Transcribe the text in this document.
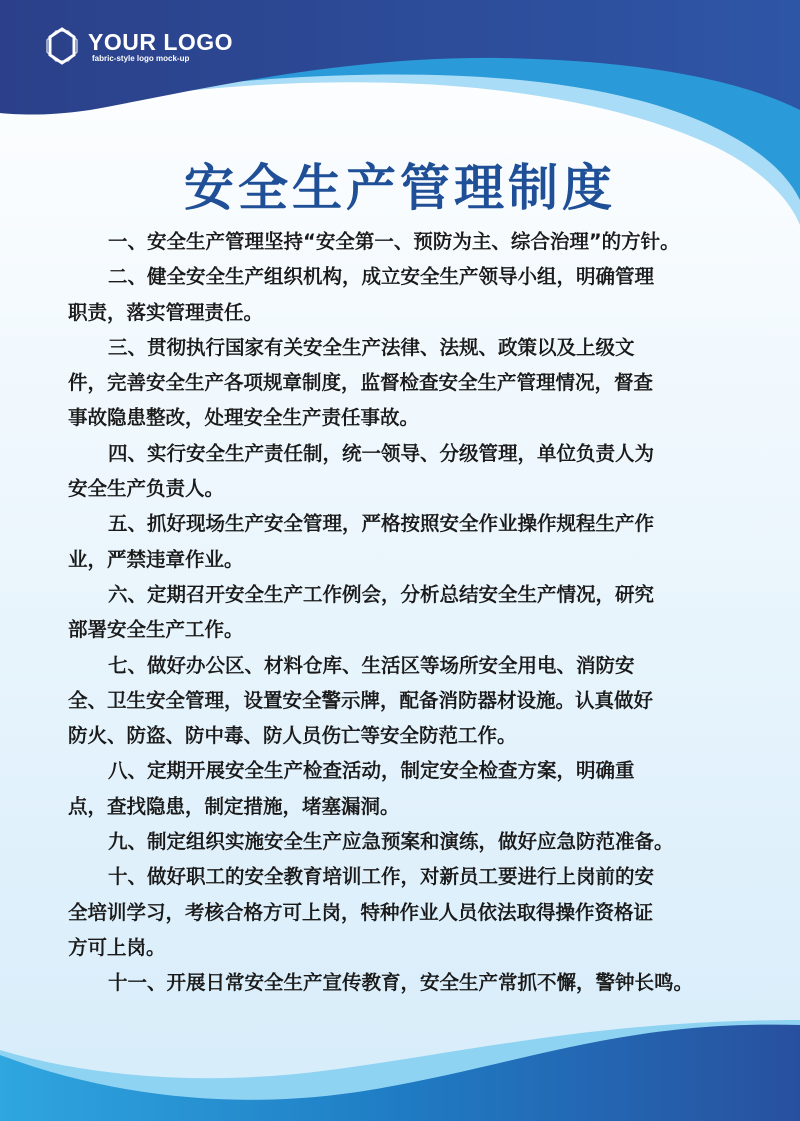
YOUR LOGO
fabric-style logo mock-up
安全生产管理制度
一、安全生产管理坚持“安全第一、预防为主、综合治理”的方针。
二、健全安全生产组织机构，成立安全生产领导小组，明确管理
职责，落实管理责任。
三、贯彻执行国家有关安全生产法律、法规、政策以及上级文
件，完善安全生产各项规章制度，监督检查安全生产管理情况，督查
事故隐患整改，处理安全生产责任事故。
四、实行安全生产责任制，统一领导、分级管理，单位负责人为
安全生产负责人。
五、抓好现场生产安全管理，严格按照安全作业操作规程生产作
业，严禁违章作业。
六、定期召开安全生产工作例会，分析总结安全生产情况，研究
部署安全生产工作。
七、做好办公区、材料仓库、生活区等场所安全用电、消防安
全、卫生安全管理，设置安全警示牌，配备消防器材设施。认真做好
防火、防盗、防中毒、防人员伤亡等安全防范工作。
八、定期开展安全生产检查活动，制定安全检查方案，明确重
点，查找隐患，制定措施，堵塞漏洞。
九、制定组织实施安全生产应急预案和演练，做好应急防范准备。
十、做好职工的安全教育培训工作，对新员工要进行上岗前的安
全培训学习，考核合格方可上岗，特种作业人员依法取得操作资格证
方可上岗。
十一、开展日常安全生产宣传教育，安全生产常抓不懈，警钟长鸣。
